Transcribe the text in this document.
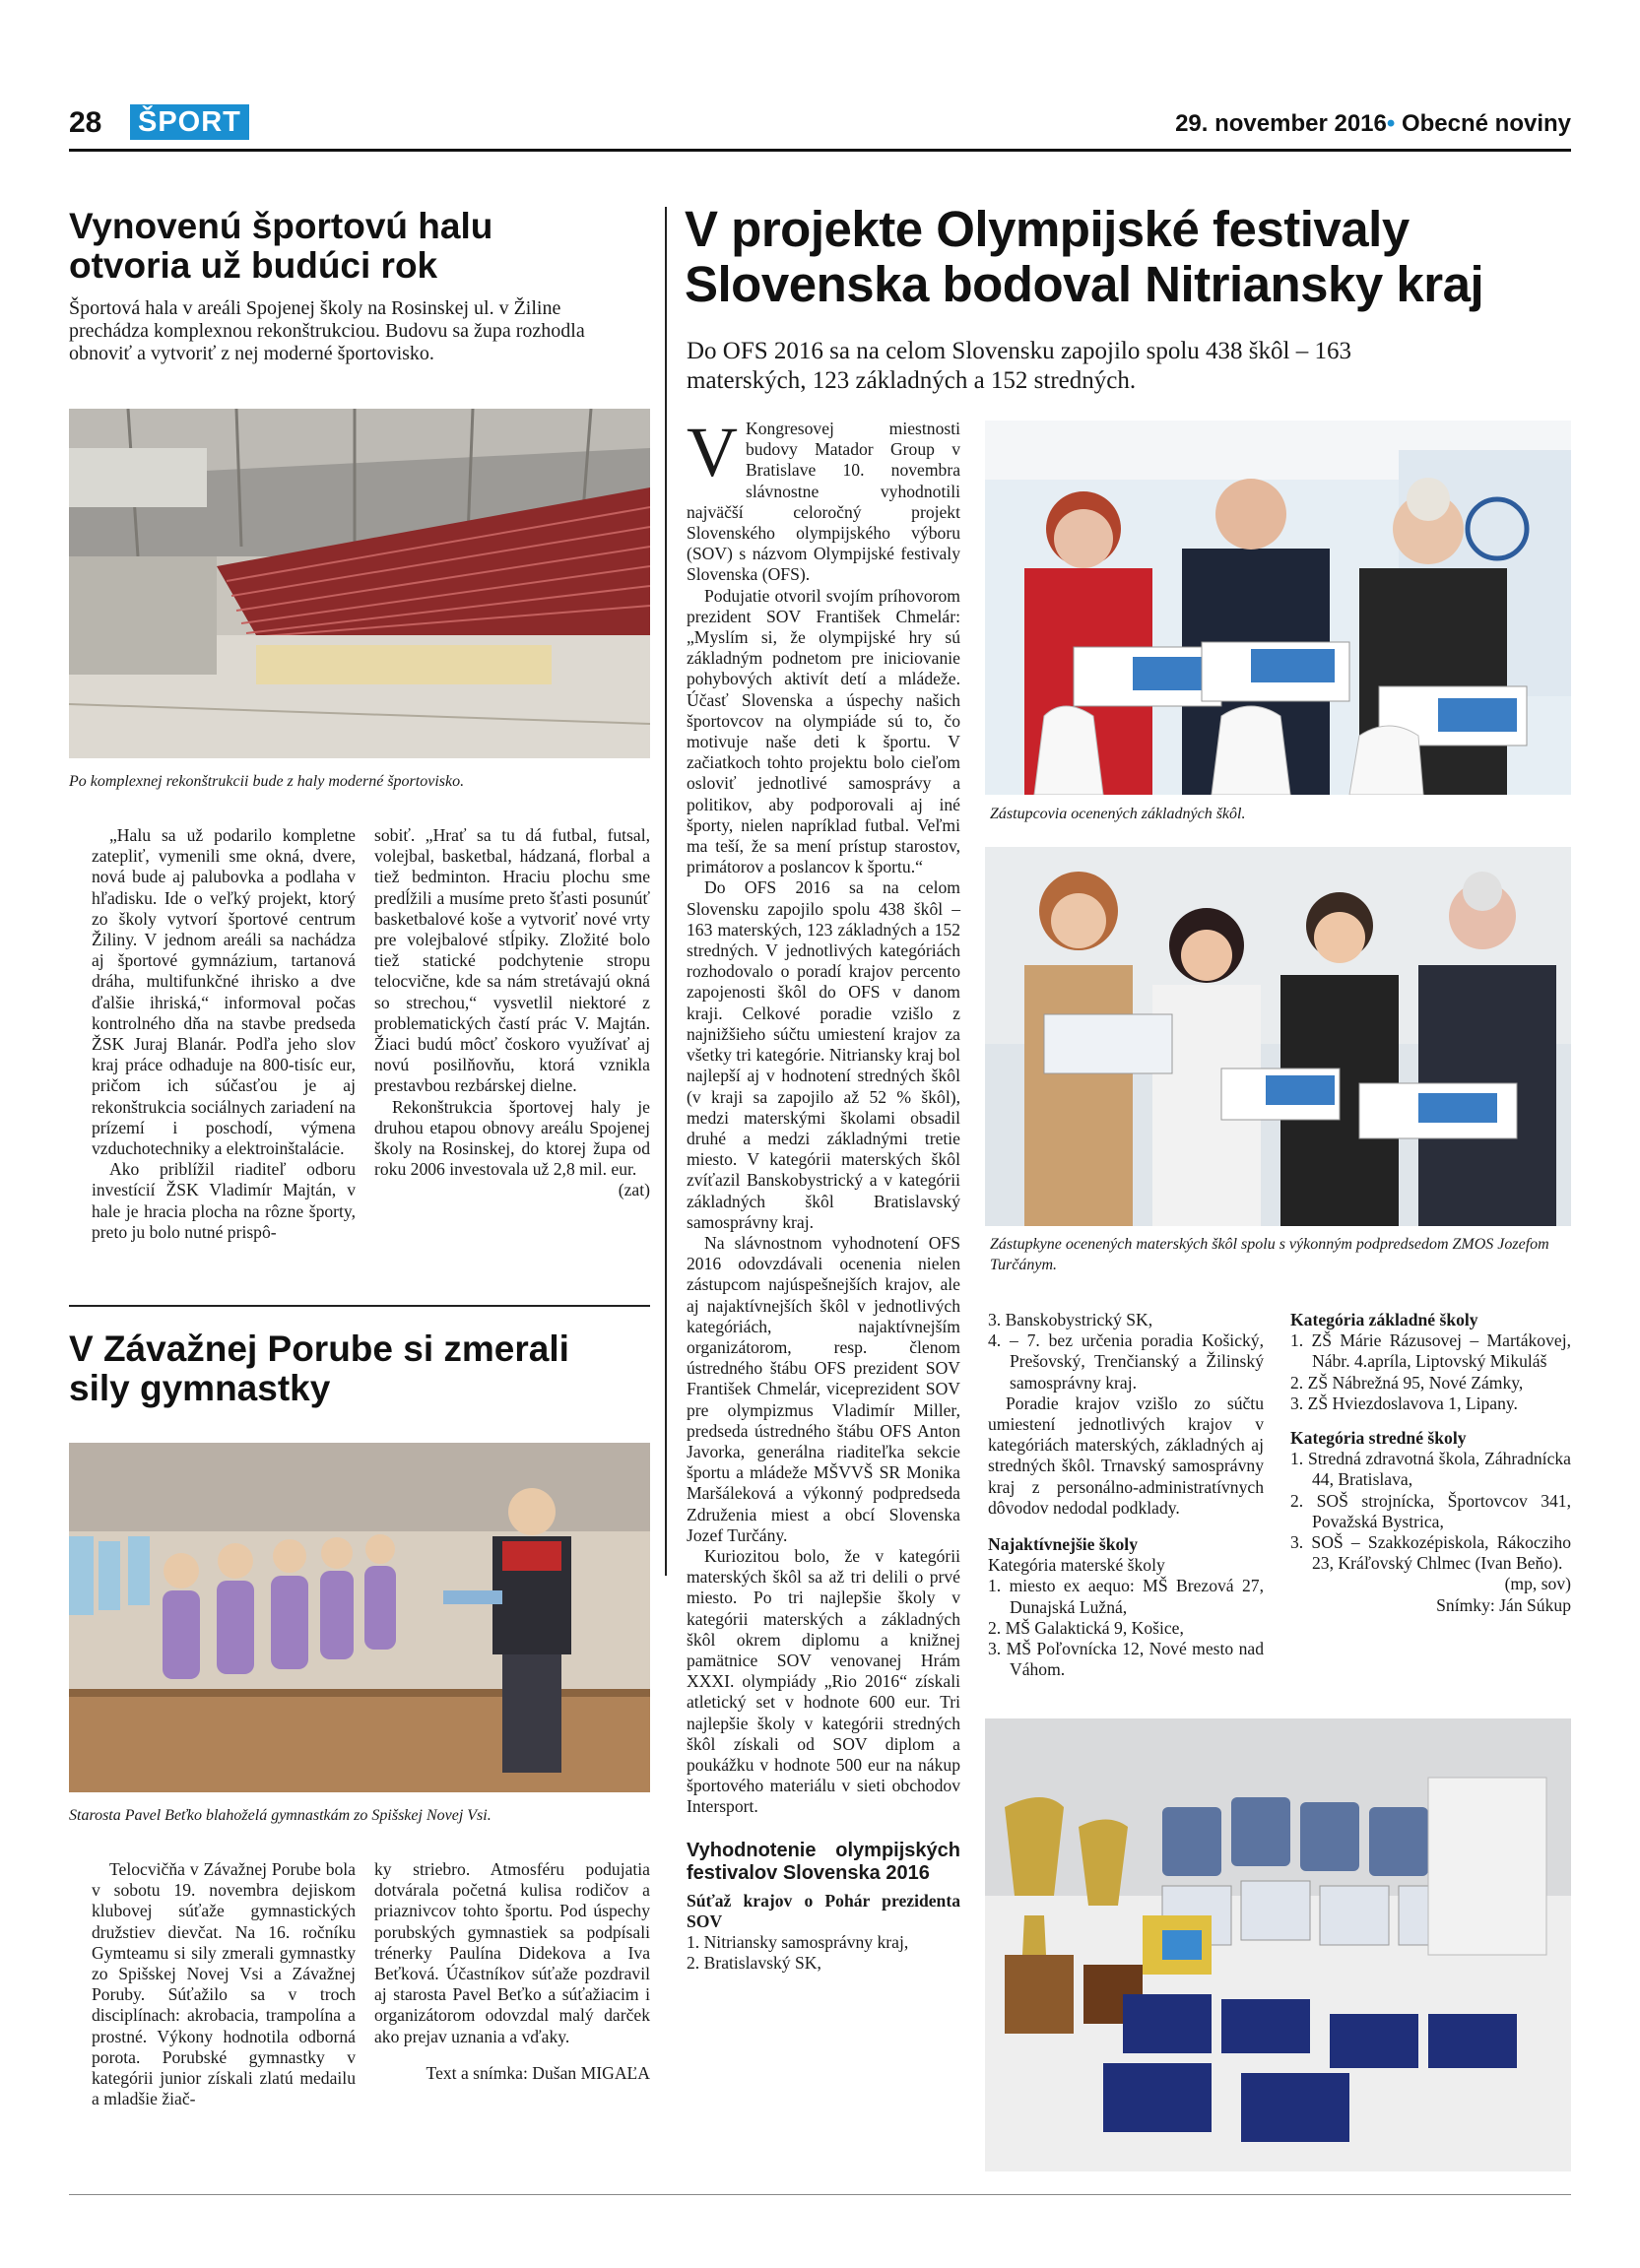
28 ŠPORT	29. november 2016• Obecné noviny
Vynovenú športovú halu
otvoria už budúci rok
Športová hala v areáli Spojenej školy na Rosinskej ul. v Žiline prechádza komplexnou rekonštrukciou. Budovu sa župa rozhodla obnoviť a vytvoriť z nej moderné športovisko.
Po komplexnej rekonštrukcii bude z haly moderné športovisko.

„Halu sa už podarilo kompletne zatepliť, vymenili sme okná, dvere, nová bude aj palubovka a podlaha v hľadisku. Ide o veľký projekt, ktorý zo školy vytvorí športové centrum Žiliny. V jednom areáli sa nachádza aj športové gymnázium, tartanová dráha, multifunkčné ihrisko a dve ďalšie ihriská,“ informoval počas kontrolného dňa na stavbe predseda ŽSK Juraj Blanár. Podľa jeho slov kraj práce odhaduje na 800-tisíc eur, pričom ich súčasťou je aj rekonštrukcia sociálnych zariadení na prízemí i poschodí, výmena vzduchotechniky a elektroinštalácie.

Ako priblížil riaditeľ odboru investícií ŽSK Vladimír Majtán, v hale je hracia plocha na rôzne športy, preto ju bolo nutné prispô-

sobiť. „Hrať sa tu dá futbal, futsal, volejbal, basketbal, hádzaná, florbal a tiež bedminton. Hraciu plochu sme predĺžili a musíme preto šťasti posunúť basketbalové koše a vytvoriť nové vrty pre volejbalové stĺpiky. Zložité bolo tiež statické podchytenie stropu telocvične, kde sa nám stretávajú okná so strechou,“ vysvetlil niektoré z problematických častí prác V. Majtán. Žiaci budú môcť čoskoro využívať aj novú posilňovňu, ktorá vznikla prestavbou rezbárskej dielne.

Rekonštrukcia športovej haly je druhou etapou obnovy areálu Spojenej školy na Rosinskej, do ktorej župa od roku 2006 investovala už 2,8 mil. eur.

(zat)
V Závažnej Porube si zmerali
sily gymnastky
Starosta Pavel Beťko blahoželá gymnastkám zo Spišskej Novej Vsi.

Telocvičňa v Závažnej Porube bola v sobotu 19. novembra dejiskom klubovej súťaže gymnastických družstiev dievčat. Na 16. ročníku Gymteamu si sily zmerali gymnastky zo Spišskej Novej Vsi a Závažnej Poruby. Súťažilo sa v troch disciplínach: akrobacia, trampolína a prostné. Výkony hodnotila odborná porota. Porubské gymnastky v kategórii junior získali zlatú medailu a mladšie žiač-

ky striebro. Atmosféru podujatia dotvárala početná kulisa rodičov a priaznivcov tohto športu. Pod úspechy porubských gymnastiek sa podpísali trénerky Paulína Didekova a Iva Beťková. Účastníkov súťaže pozdravil aj starosta Pavel Beťko a súťažiacim i organizátorom odovzdal malý darček ako prejav uznania a vďaky.

Text a snímka: Dušan MIGAĽA
V projekte Olympijské festivaly
Slovenska bodoval Nitriansky kraj
Do OFS 2016 sa na celom Slovensku zapojilo spolu 438 škôl – 163 materských, 123 základných a 152 stredných.

V Kongresovej miestnosti budovy Matador Group v Bratislave 10. novembra slávnostne vyhodnotili najväčší celoročný projekt Slovenského olympijského výboru (SOV) s názvom Olympijské festivaly Slovenska (OFS).

Podujatie otvoril svojím príhovorom prezident SOV František Chmelár: „Myslím si, že olympijské hry sú základným podnetom pre iniciovanie pohybových aktivít detí a mládeže. Účasť Slovenska a úspechy našich športovcov na olympiáde sú to, čo motivuje naše deti k športu. V začiatkoch tohto projektu bolo cieľom osloviť jednotlivé samosprávy a politikov, aby podporovali aj iné športy, nielen napríklad futbal. Veľmi ma teší, že sa mení prístup starostov, primátorov a poslancov k športu.“

Do OFS 2016 sa na celom Slovensku zapojilo spolu 438 škôl – 163 materských, 123 základných a 152 stredných. V jednotlivých kategóriách rozhodovalo o poradí krajov percento zapojenosti škôl do OFS v danom kraji. Celkové poradie vzišlo z najnižšieho súčtu umiestení krajov za všetky tri kategórie. Nitriansky kraj bol najlepší aj v hodnotení stredných škôl (v kraji sa zapojilo až 52 % škôl), medzi materskými školami obsadil druhé a medzi základnými tretie miesto. V kategórii materských škôl zvíťazil Banskobystrický a v kategórii základných škôl Bratislavský samosprávny kraj.

Na slávnostnom vyhodnotení OFS 2016 odovzdávali ocenenia nielen zástupcom najúspešnejších krajov, ale aj najaktívnejších škôl v jednotlivých kategóriách, najaktívnejším organizátorom, resp. členom ústredného štábu OFS prezident SOV František Chmelár, viceprezident SOV pre olympizmus Vladimír Miller, predseda ústredného štábu OFS Anton Javorka, generálna riaditeľka sekcie športu a mládeže MŠVVŠ SR Monika Maršáleková a výkonný podpredseda Združenia miest a obcí Slovenska Jozef Turčány.

Kuriozitou bolo, že v kategórii materských škôl sa až tri delili o prvé miesto. Po tri najlepšie školy v kategórii materských a základných škôl okrem diplomu a knižnej pamätnice SOV venovanej Hrám XXXI. olympiády „Rio 2016“ získali atletický set v hodnote 600 eur. Tri najlepšie školy v kategórii stredných škôl získali od SOV diplom a poukážku v hodnote 500 eur na nákup športového materiálu v sieti obchodov Intersport.

Vyhodnotenie olympijských festivalov Slovenska 2016
Súťaž krajov o Pohár prezidenta SOV
1. Nitriansky samosprávny kraj,
2. Bratislavský SK,
Zástupcovia ocenených základných škôl.
Zástupkyne ocenených materských škôl spolu s výkonným podpredsedom ZMOS Jozefom Turčánym.
3. Banskobystrický SK,
4. – 7. bez určenia poradia Košický, Prešovský, Trenčianský a Žilinský samosprávny kraj.

Poradie krajov vzišlo zo súčtu umiestení jednotlivých krajov v kategóriách materských, základných aj stredných škôl. Trnavský samosprávny kraj z personálno-administratívnych dôvodov nedodal podklady.

Najaktívnejšie školy
Kategória materské školy
1. miesto ex aequo: MŠ Brezová 27, Dunajská Lužná,
2. MŠ Galaktická 9, Košice,
3. MŠ Poľovnícka 12, Nové mesto nad Váhom.
Kategória základné školy
1. ZŠ Márie Rázusovej – Martákovej, Nábr. 4.apríla, Liptovský Mikuláš
2. ZŠ Nábrežná 95, Nové Zámky,
3. ZŠ Hviezdoslavova 1, Lipany.
Kategória stredné školy
1. Stredná zdravotná škola, Záhradnícka 44, Bratislava,
2. SOŠ strojnícka, Športovcov 341, Považská Bystrica,
3. SOŠ – Szakkozépiskola, Rákocziho 23, Kráľovský Chlmec (Ivan Beňo).
(mp, sov)
Snímky: Ján Súkup
